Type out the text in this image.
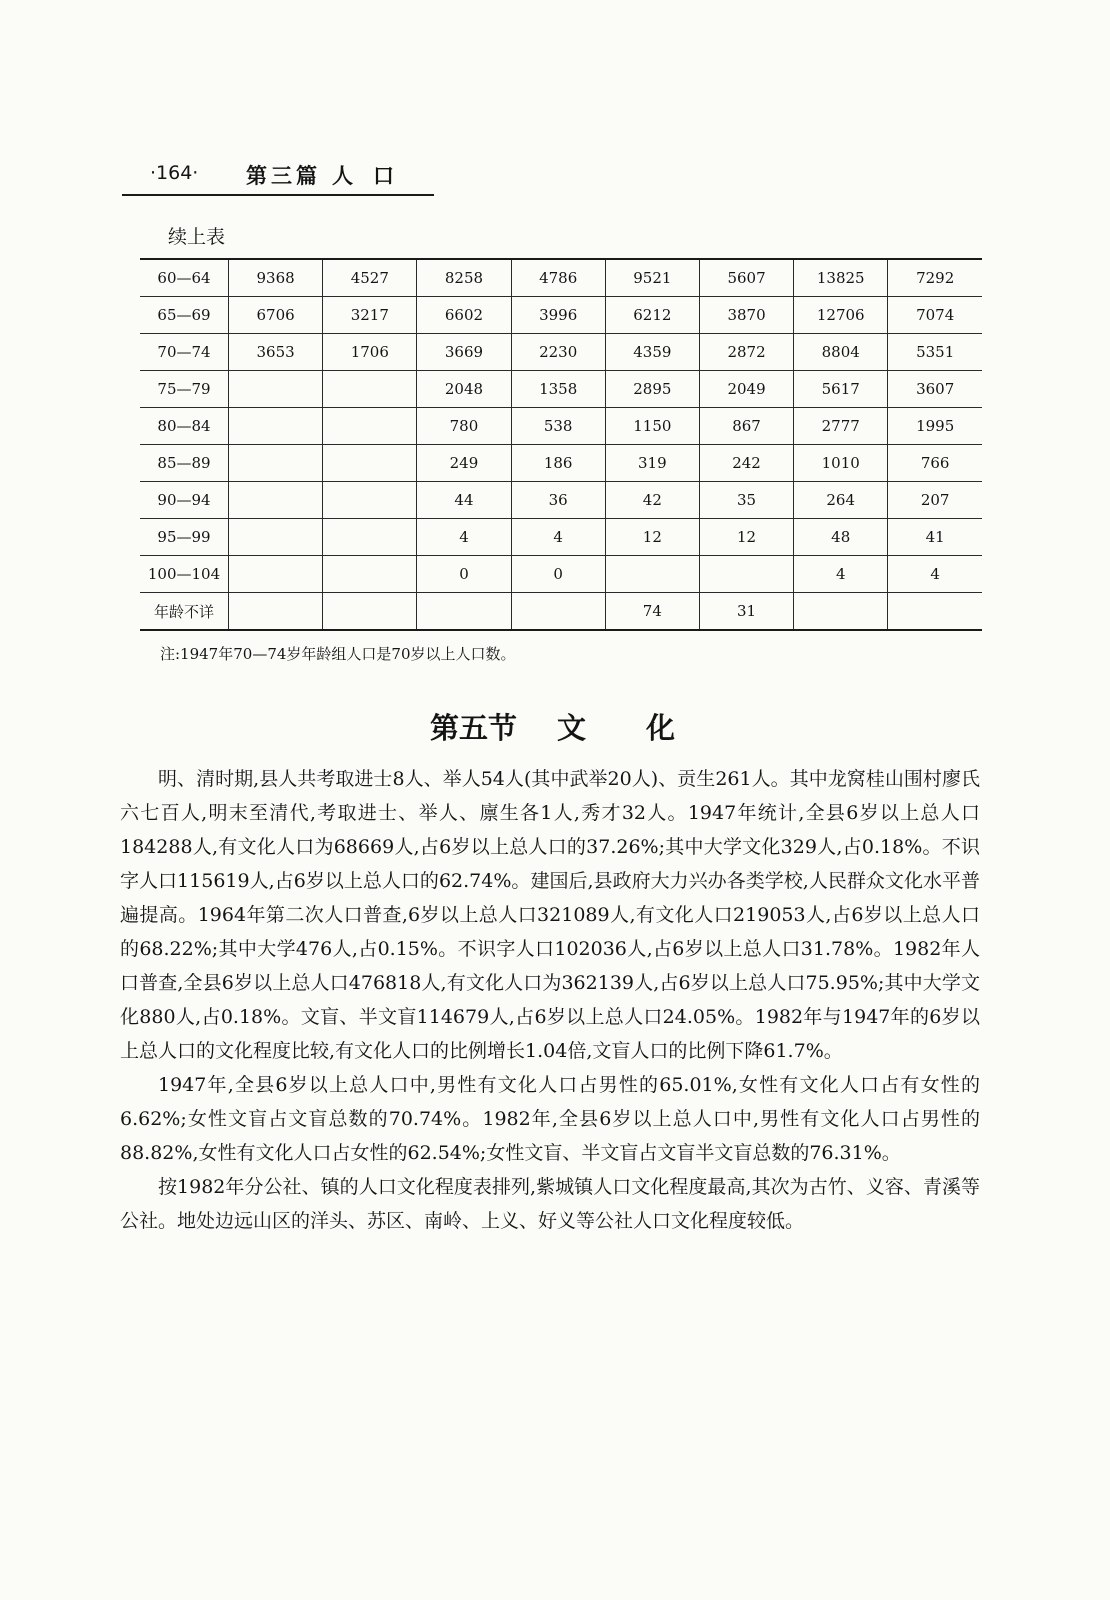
·164· 第三篇 人口
续上表
60—64	9368	4527	8258	4786	9521	5607	13825	7292
65—69	6706	3217	6602	3996	6212	3870	12706	7074
70—74	3653	1706	3669	2230	4359	2872	8804	5351
75—79			2048	1358	2895	2049	5617	3607
80—84			780	538	1150	867	2777	1995
85—89			249	186	319	242	1010	766
90—94			44	36	42	35	264	207
95—99			4	4	12	12	48	41
100—104			0	0			4	4
年龄不详					74	31		
注:1947年70—74岁年龄组人口是70岁以上人口数。
第五节 文 化

明、清时期,县人共考取进士8人、举人54人(其中武举20人)、贡生261人。其中龙窝桂山围村廖氏六七百人,明末至清代,考取进士、举人、廪生各1人,秀才32人。1947年统计,全县6岁以上总人口184288人,有文化人口为68669人,占6岁以上总人口的37.26%;其中大学文化329人,占0.18%。不识字人口115619人,占6岁以上总人口的62.74%。建国后,县政府大力兴办各类学校,人民群众文化水平普遍提高。1964年第二次人口普查,6岁以上总人口321089人,有文化人口219053人,占6岁以上总人口的68.22%;其中大学476人,占0.15%。不识字人口102036人,占6岁以上总人口31.78%。1982年人口普查,全县6岁以上总人口476818人,有文化人口为362139人,占6岁以上总人口75.95%;其中大学文化880人,占0.18%。文盲、半文盲114679人,占6岁以上总人口24.05%。1982年与1947年的6岁以上总人口的文化程度比较,有文化人口的比例增长1.04倍,文盲人口的比例下降61.7%。

1947年,全县6岁以上总人口中,男性有文化人口占男性的65.01%,女性有文化人口占有女性的6.62%;女性文盲占文盲总数的70.74%。1982年,全县6岁以上总人口中,男性有文化人口占男性的88.82%,女性有文化人口占女性的62.54%;女性文盲、半文盲占文盲半文盲总数的76.31%。

按1982年分公社、镇的人口文化程度表排列,紫城镇人口文化程度最高,其次为古竹、义容、青溪等公社。地处边远山区的洋头、苏区、南岭、上义、好义等公社人口文化程度较低。
